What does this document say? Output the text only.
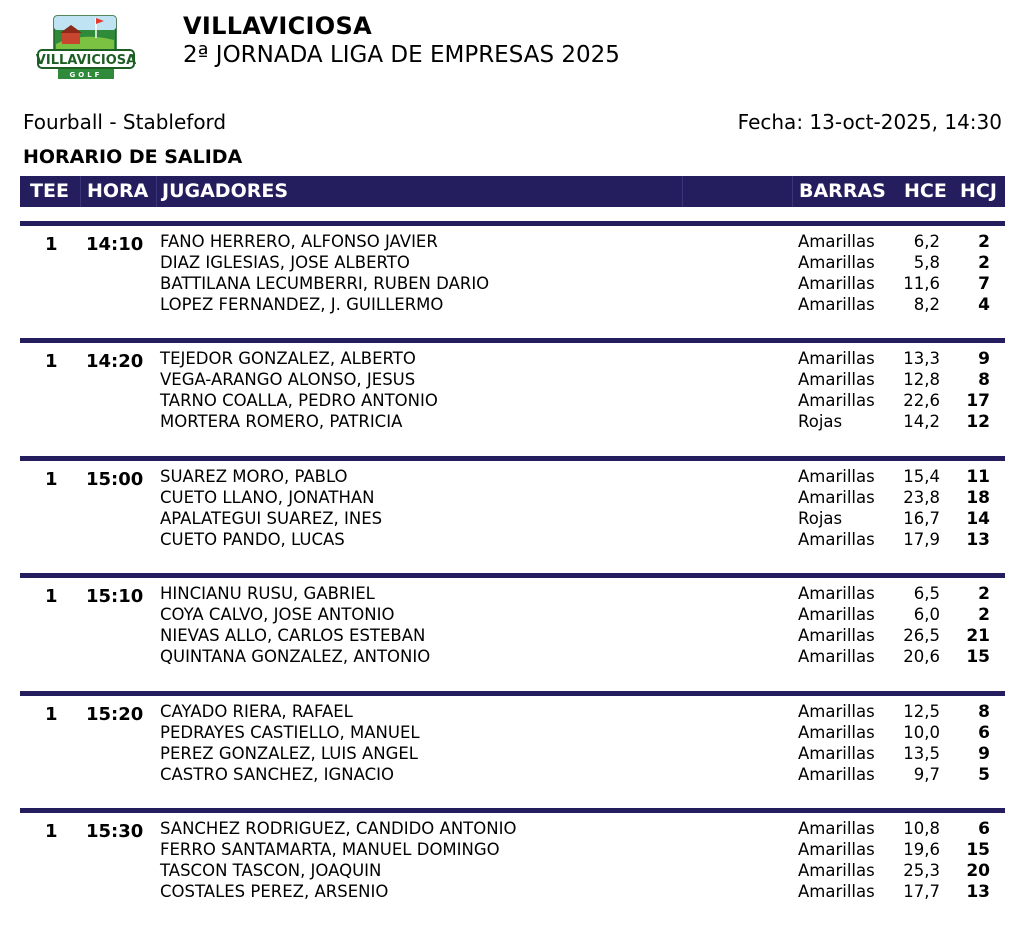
VILLAVICIOSA
GOLF
VILLAVICIOSA
2ª JORNADA LIGA DE EMPRESAS 2025
Fourball - Stableford	Fecha: 13-oct-2025, 14:30
HORARIO DE SALIDA
TEE HORA JUGADORES	BARRAS HCE HCJ
1 14:10 FANO HERRERO, ALFONSO JAVIER	Amarillas 6,2 2
DIAZ IGLESIAS, JOSE ALBERTO	Amarillas 5,8 2
BATTILANA LECUMBERRI, RUBEN DARIO	Amarillas 11,6 7
LOPEZ FERNANDEZ, J. GUILLERMO	Amarillas 8,2 4
1 14:20 TEJEDOR GONZALEZ, ALBERTO	Amarillas 13,3 9
VEGA-ARANGO ALONSO, JESUS	Amarillas 12,8 8
TARNO COALLA, PEDRO ANTONIO	Amarillas 22,6 17
MORTERA ROMERO, PATRICIA	Rojas	14,2 12
1 15:00 SUAREZ MORO, PABLO	Amarillas 15,4 11
CUETO LLANO, JONATHAN	Amarillas 23,8 18
APALATEGUI SUAREZ, INES	Rojas	16,7 14
CUETO PANDO, LUCAS	Amarillas 17,9 13
1 15:10 HINCIANU RUSU, GABRIEL	Amarillas 6,5 2
COYA CALVO, JOSE ANTONIO	Amarillas 6,0 2
NIEVAS ALLO, CARLOS ESTEBAN	Amarillas 26,5 21
QUINTANA GONZALEZ, ANTONIO	Amarillas 20,6 15
1 15:20 CAYADO RIERA, RAFAEL	Amarillas 12,5 8
PEDRAYES CASTIELLO, MANUEL	Amarillas 10,0 6
PEREZ GONZALEZ, LUIS ANGEL	Amarillas 13,5 9
CASTRO SANCHEZ, IGNACIO	Amarillas 9,7 5
1 15:30 SANCHEZ RODRIGUEZ, CANDIDO ANTONIO	Amarillas 10,8 6
FERRO SANTAMARTA, MANUEL DOMINGO	Amarillas 19,6 15
TASCON TASCON, JOAQUIN	Amarillas 25,3 20
COSTALES PEREZ, ARSENIO	Amarillas 17,7 13
